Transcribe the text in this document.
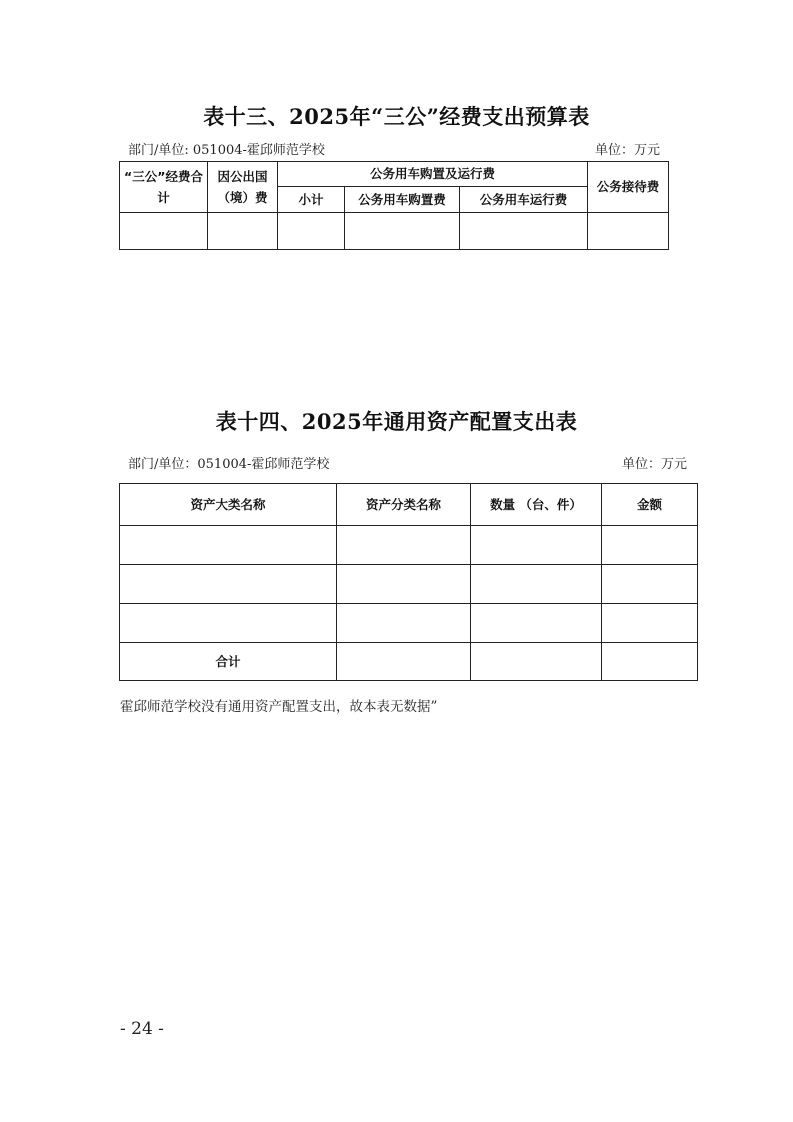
表十三、2025年“三公”经费支出预算表
部门/单位: 051004-霍邱师范学校	单位：万元
“三公”经费合计	因公出国（境）费	公务用车购置及运行费			公务接待费
		小计	公务用车购置费	公务用车运行费	

表十四、2025年通用资产配置支出表
部门/单位：051004-霍邱师范学校	单位：万元
资产大类名称	资产分类名称	数量 （台、件）	金额

合计			
霍邱师范学校没有通用资产配置支出，故本表无数据”
- 24 -
